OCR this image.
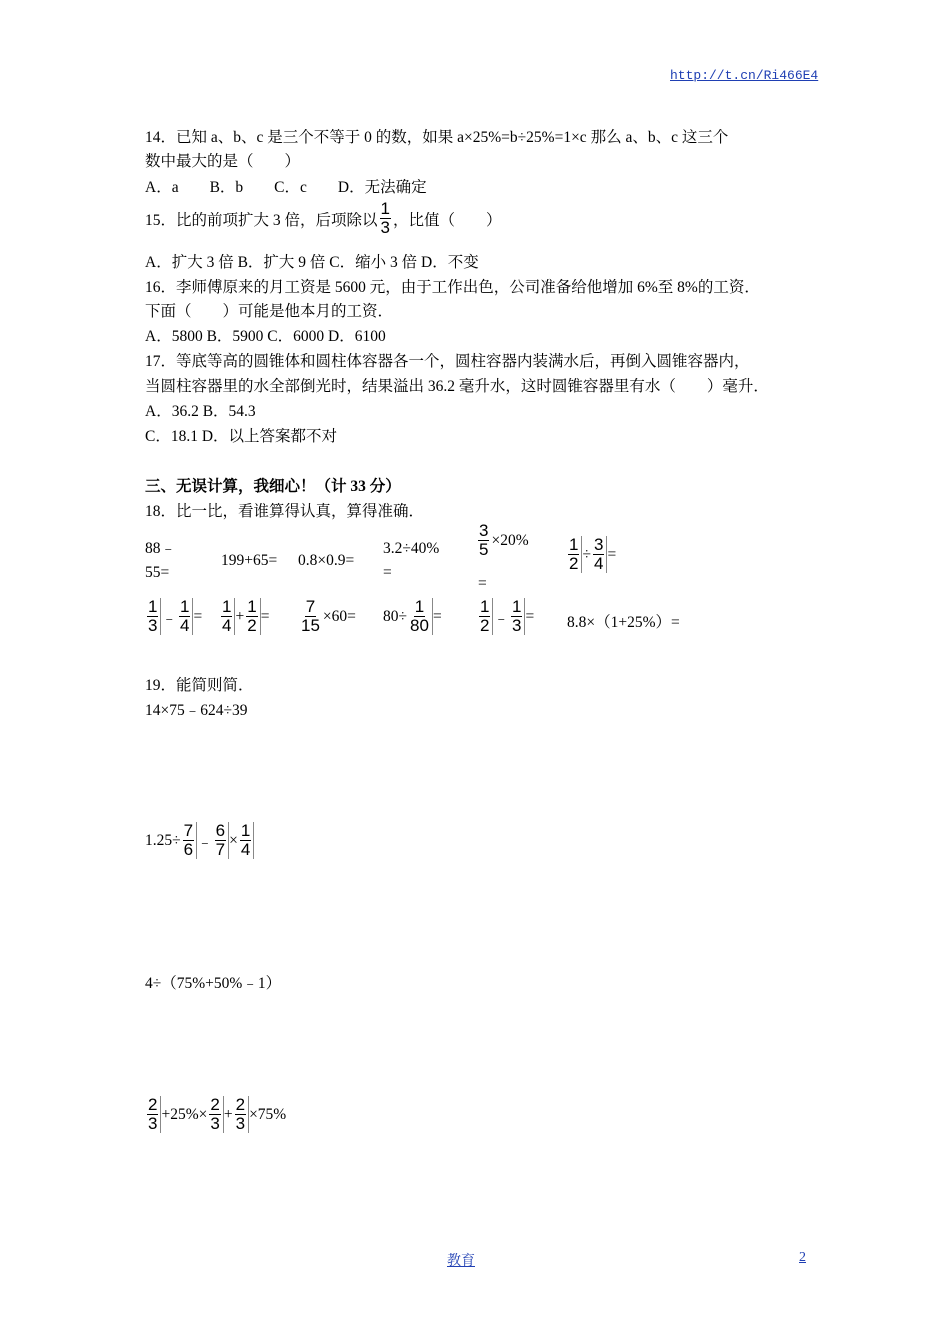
http://t.cn/Ri466E4
14．已知 a、b、c 是三个不等于 0 的数，如果 a×25%=b÷25%=1×c 那么 a、b、c 这三个
数中最大的是（　　）
A．a　　B．b　　C．c　　D．无法确定
15．比的前项扩大 3 倍，后项除以 $\frac{1}{3}$ ，比值（　　）
A．扩大 3 倍 B．扩大 9 倍 C．缩小 3 倍 D．不变
16．李师傅原来的月工资是 5600 元，由于工作出色，公司准备给他增加 6%至 8%的工资．
下面（　　）可能是他本月的工资．
A．5800 B．5900 C．6000 D．6100
17．等底等高的圆锥体和圆柱体容器各一个，圆柱容器内装满水后，再倒入圆锥容器内，
当圆柱容器里的水全部倒光时，结果溢出 36.2 毫升水，这时圆锥容器里有水（　　）毫升．
A．36.2 B．54.3
C．18.1 D．以上答案都不对
三、无误计算，我细心！（计 33 分）
18．比一比，看谁算得认真，算得准确．
88﹣
55=
199+65= 0.8×0.9=
3.2÷40%
=
$\frac{3}{5} \times 20\%$
=
$\frac{1}{2} \div \frac{3}{4}$ =
$\frac{1}{3}$ ﹣ $\frac{1}{4} = \frac{1}{4} + \frac{1}{2} = \frac{7}{15} \times 60= 80\div \frac{1}{80} = \frac{1}{2}$ ﹣ $\frac{1}{3} = 8.8\times(1+25\%)=$
19．能简则简．
14×75﹣624÷39
$1.25\div \frac{7}{6}$ ﹣ $\frac{6}{7} \times \frac{1}{4}$
4÷（75%+50%﹣1）
$\frac{2}{3} +25\%\times \frac{2}{3} + \frac{2}{3} \times 75\%$
教育	2
